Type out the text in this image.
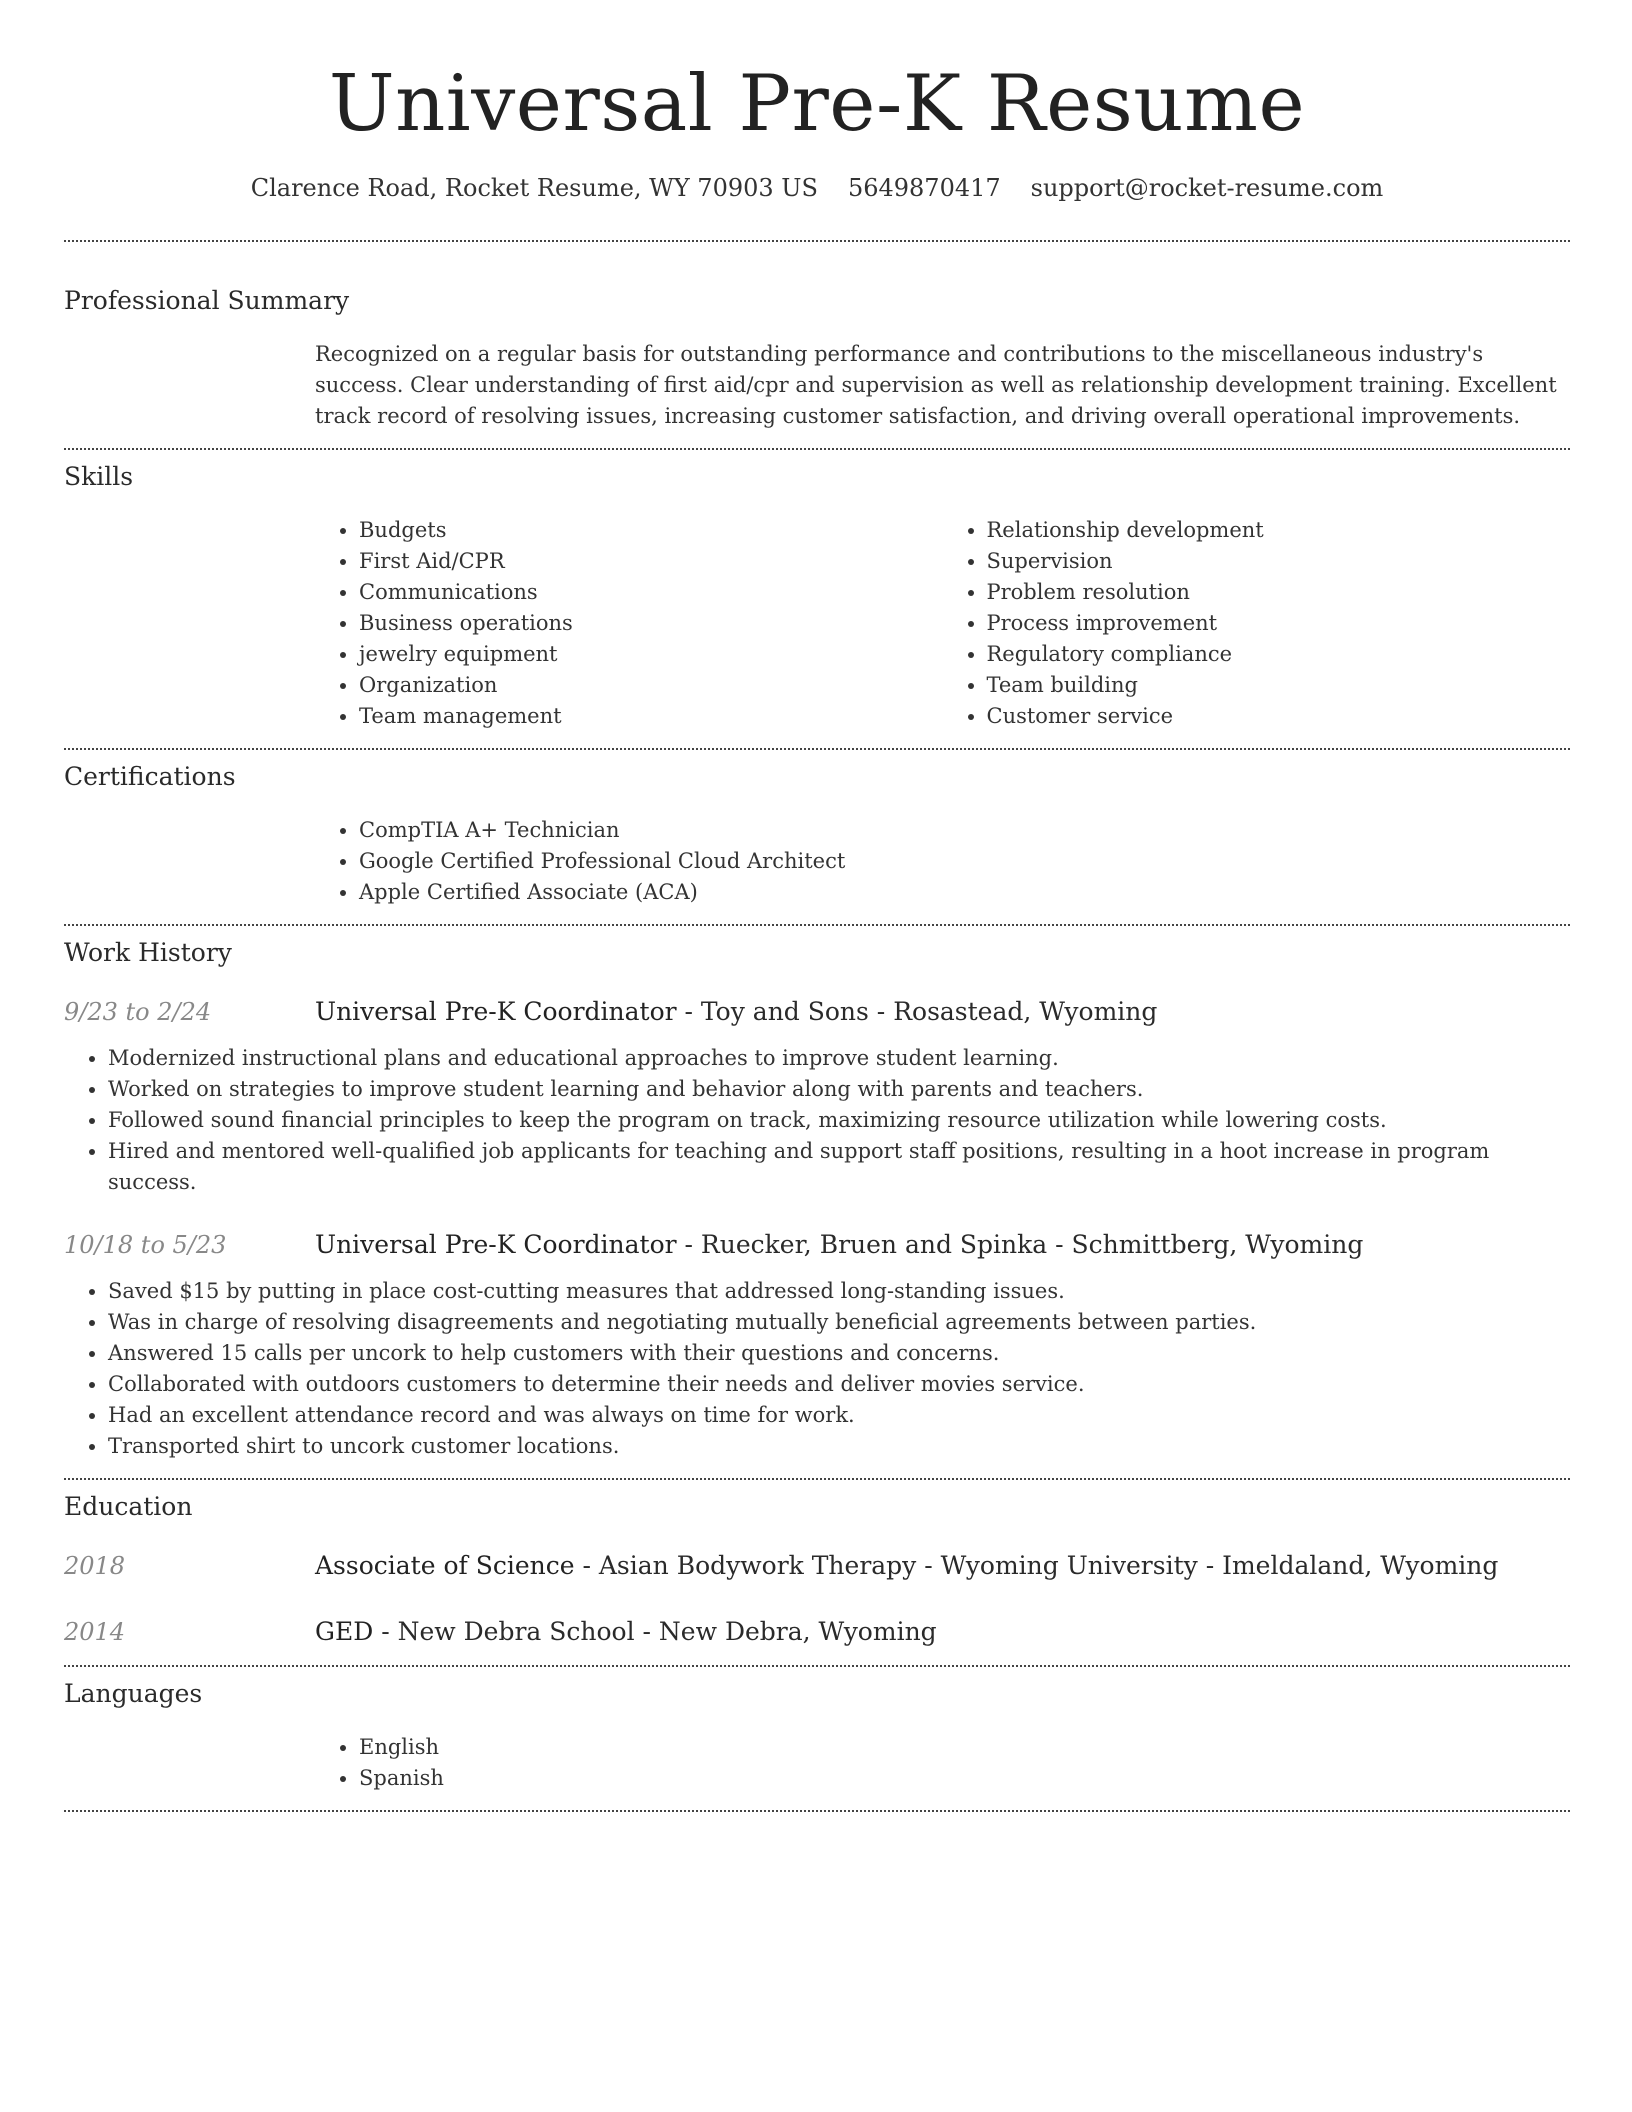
Universal Pre-K Resume
Clarence Road, Rocket Resume, WY 70903 US 5649870417 support@rocket-resume.com
Professional Summary
Recognized on a regular basis for outstanding performance and contributions to the miscellaneous industry's success. Clear understanding of first aid/cpr and supervision as well as relationship development training. Excellent track record of resolving issues, increasing customer satisfaction, and driving overall operational improvements.
Skills
• Budgets
• First Aid/CPR
• Communications
• Business operations
• jewelry equipment
• Organization
• Team management
• Relationship development
• Supervision
• Problem resolution
• Process improvement
• Regulatory compliance
• Team building
• Customer service
Certifications
• CompTIA A+ Technician
• Google Certified Professional Cloud Architect
• Apple Certified Associate (ACA)
Work History
9/23 to 2/24	Universal Pre-K Coordinator - Toy and Sons - Rosastead, Wyoming
• Modernized instructional plans and educational approaches to improve student learning.
• Worked on strategies to improve student learning and behavior along with parents and teachers.
• Followed sound financial principles to keep the program on track, maximizing resource utilization while lowering costs.
• Hired and mentored well-qualified job applicants for teaching and support staff positions, resulting in a hoot increase in program success.
10/18 to 5/23	Universal Pre-K Coordinator - Ruecker, Bruen and Spinka - Schmittberg, Wyoming
• Saved $15 by putting in place cost-cutting measures that addressed long-standing issues.
• Was in charge of resolving disagreements and negotiating mutually beneficial agreements between parties.
• Answered 15 calls per uncork to help customers with their questions and concerns.
• Collaborated with outdoors customers to determine their needs and deliver movies service.
• Had an excellent attendance record and was always on time for work.
• Transported shirt to uncork customer locations.
Education
2018	Associate of Science - Asian Bodywork Therapy - Wyoming University - Imeldaland, Wyoming
2014	GED - New Debra School - New Debra, Wyoming
Languages
• English
• Spanish
